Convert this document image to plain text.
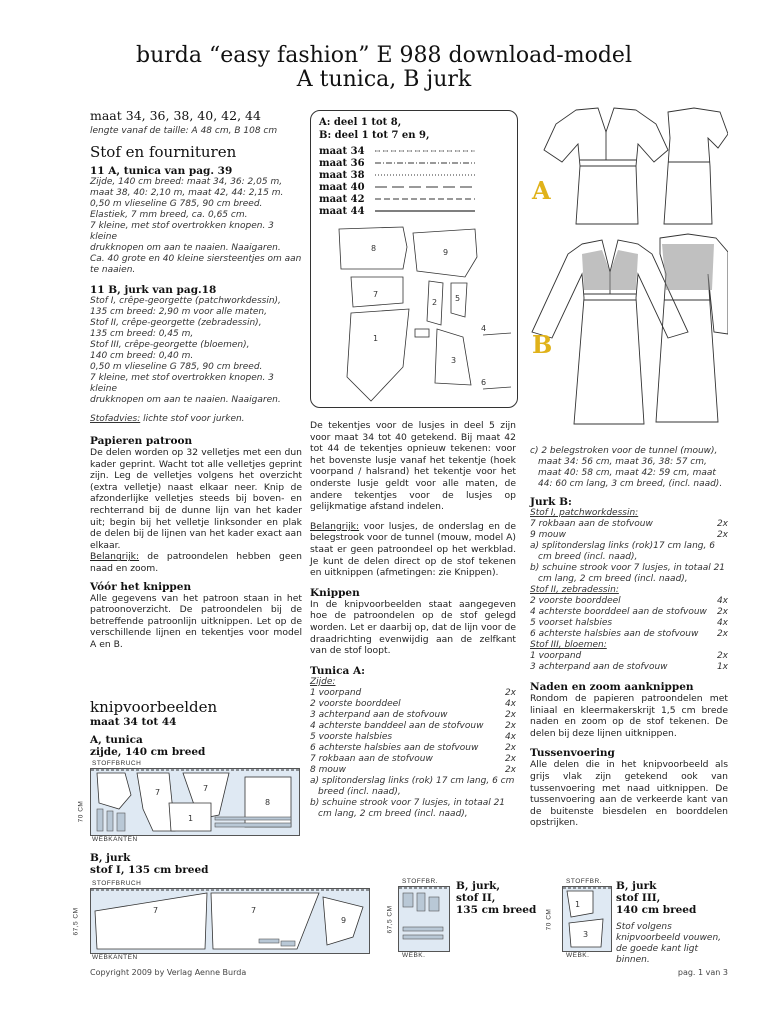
burda “easy fashion” E 988 download-model
A tunica, B jurk
maat 34, 36, 38, 40, 42, 44
lengte vanaf de taille: A 48 cm, B 108 cm
Stof en fournituren
11 A, tunica van pag. 39
Zijde, 140 cm breed: maat 34, 36: 2,05 m,
maat 38, 40: 2,10 m, maat 42, 44: 2,15 m.
0,50 m vlieseline G 785, 90 cm breed.
Elastiek, 7 mm breed, ca. 0,65 cm.
7 kleine, met stof overtrokken knopen. 3 kleine
drukknopen om aan te naaien. Naaigaren.
Ca. 40 grote en 40 kleine siersteentjes om aan
te naaien.
11 B, jurk van pag.18
Stof I, crêpe-georgette (patchworkdessin),
135 cm breed: 2,90 m voor alle maten,
Stof II, crêpe-georgette (zebradessin),
135 cm breed: 0,45 m,
Stof III, crêpe-georgette (bloemen),
140 cm breed: 0,40 m.
0,50 m vlieseline G 785, 90 cm breed.
7 kleine, met stof overtrokken knopen. 3 kleine
drukknopen om aan te naaien. Naaigaren.
Stofadvies: lichte stof voor jurken.
Papieren patroon
De delen worden op 32 velletjes met een dun kader geprint. Wacht tot alle velletjes geprint zijn. Leg de velletjes volgens het overzicht (extra velletje) naast elkaar neer. Knip de afzonderlijke velletjes steeds bij boven- en rechterrand bij de dunne lijn van het kader uit; begin bij het velletje linksonder en plak de delen bij de lijnen van het kader exact aan elkaar.
Belangrijk: de patroondelen hebben geen naad en zoom.
Vóór het knippen
Alle gegevens van het patroon staan in het patroonoverzicht. De patroondelen bij de betreffende patroonlijn uitknippen. Let op de verschillende lijnen en tekentjes voor model A en B.
knipvoorbeelden
maat 34 tot 44
A, tunica
zijde, 140 cm breed
STOFFBRUCH
70 CM
7	7
8
1
WEBKANTEN
B, jurk
stof I, 135 cm breed
STOFFBRUCH
67,5 CM	7	7
9
WEBKANTEN
STOFFBR.
67,5 CM
WEBK.
B, jurk,
stof II,
135 cm breed
STOFFBR.
70 CM
1
3
WEBK.
B, jurk
stof III,
140 cm breed
Stof volgens knipvoorbeeld vouwen, de goede kant ligt binnen.
A: deel 1 tot 8,
B: deel 1 tot 7 en 9,
maat 34
maat 36
maat 38
maat 40
maat 42
maat 44
8	9
7
1
2 5
3
4
6
De tekentjes voor de lusjes in deel 5 zijn voor maat 34 tot 40 getekend. Bij maat 42 tot 44 de tekentjes opnieuw tekenen: voor het bovenste lusje vanaf het tekentje (hoek voorpand / halsrand) het tekentje voor het onderste lusje geldt voor alle maten, de andere tekentjes voor de lusjes op gelijkmatige afstand indelen.
Belangrijk: voor lusjes, de onderslag en de belegstrook voor de tunnel (mouw, model A) staat er geen patroondeel op het werkblad. Je kunt de delen direct op de stof tekenen en uitknippen (afmetingen: zie Knippen).
Knippen
In de knipvoorbeelden staat aangegeven hoe de patroondelen op de stof gelegd worden. Let er daarbij op, dat de lijn voor de draadrichting evenwijdig aan de zelfkant van de stof loopt.
Tunica A:
Zijde:
1 voorpand	2x
2 voorste boorddeel	4x
3 achterpand aan de stofvouw	2x
4 achterste banddeel aan de stofvouw 2x
5 voorste halsbies	4x
6 achterste halsbies aan de stofvouw	2x
7 rokbaan aan de stofvouw	2x
8 mouw	2x
a) splitonderslag links (rok) 17 cm lang, 6 cm breed (incl. naad),
b) schuine strook voor 7 lusjes, in totaal 21 cm lang, 2 cm breed (incl. naad),
A
B
c) 2 belegstroken voor de tunnel (mouw), maat 34: 56 cm, maat 36, 38: 57 cm, maat 40: 58 cm, maat 42: 59 cm, maat 44: 60 cm lang, 3 cm breed, (incl. naad).
Jurk B:
Stof I, patchworkdessin:
7 rokbaan aan de stofvouw	2x
9 mouw	2x
a) splitonderslag links (rok)17 cm lang, 6 cm breed (incl. naad),
b) schuine strook voor 7 lusjes, in totaal 21 cm lang, 2 cm breed (incl. naad),
Stof II, zebradessin:
2 voorste boorddeel	4x
4 achterste boorddeel aan de stofvouw 2x
5 voorset halsbies	4x
6 achterste halsbies aan de stofvouw 2x
Stof III, bloemen:
1 voorpand	2x
3 achterpand aan de stofvouw	1x
Naden en zoom aanknippen
Rondom de papieren patroondelen met liniaal en kleermakerskrijt 1,5 cm brede naden en zoom op de stof tekenen. De delen bij deze lijnen uitknippen.
Tussenvoering
Alle delen die in het knipvoorbeeld als grijs vlak zijn getekend ook van tussenvoering met naad uitknippen. De tussenvoering aan de verkeerde kant van de buitenste biesdelen en boorddelen opstrijken.
Copyright 2009 by Verlag Aenne Burda	pag. 1 van 3
